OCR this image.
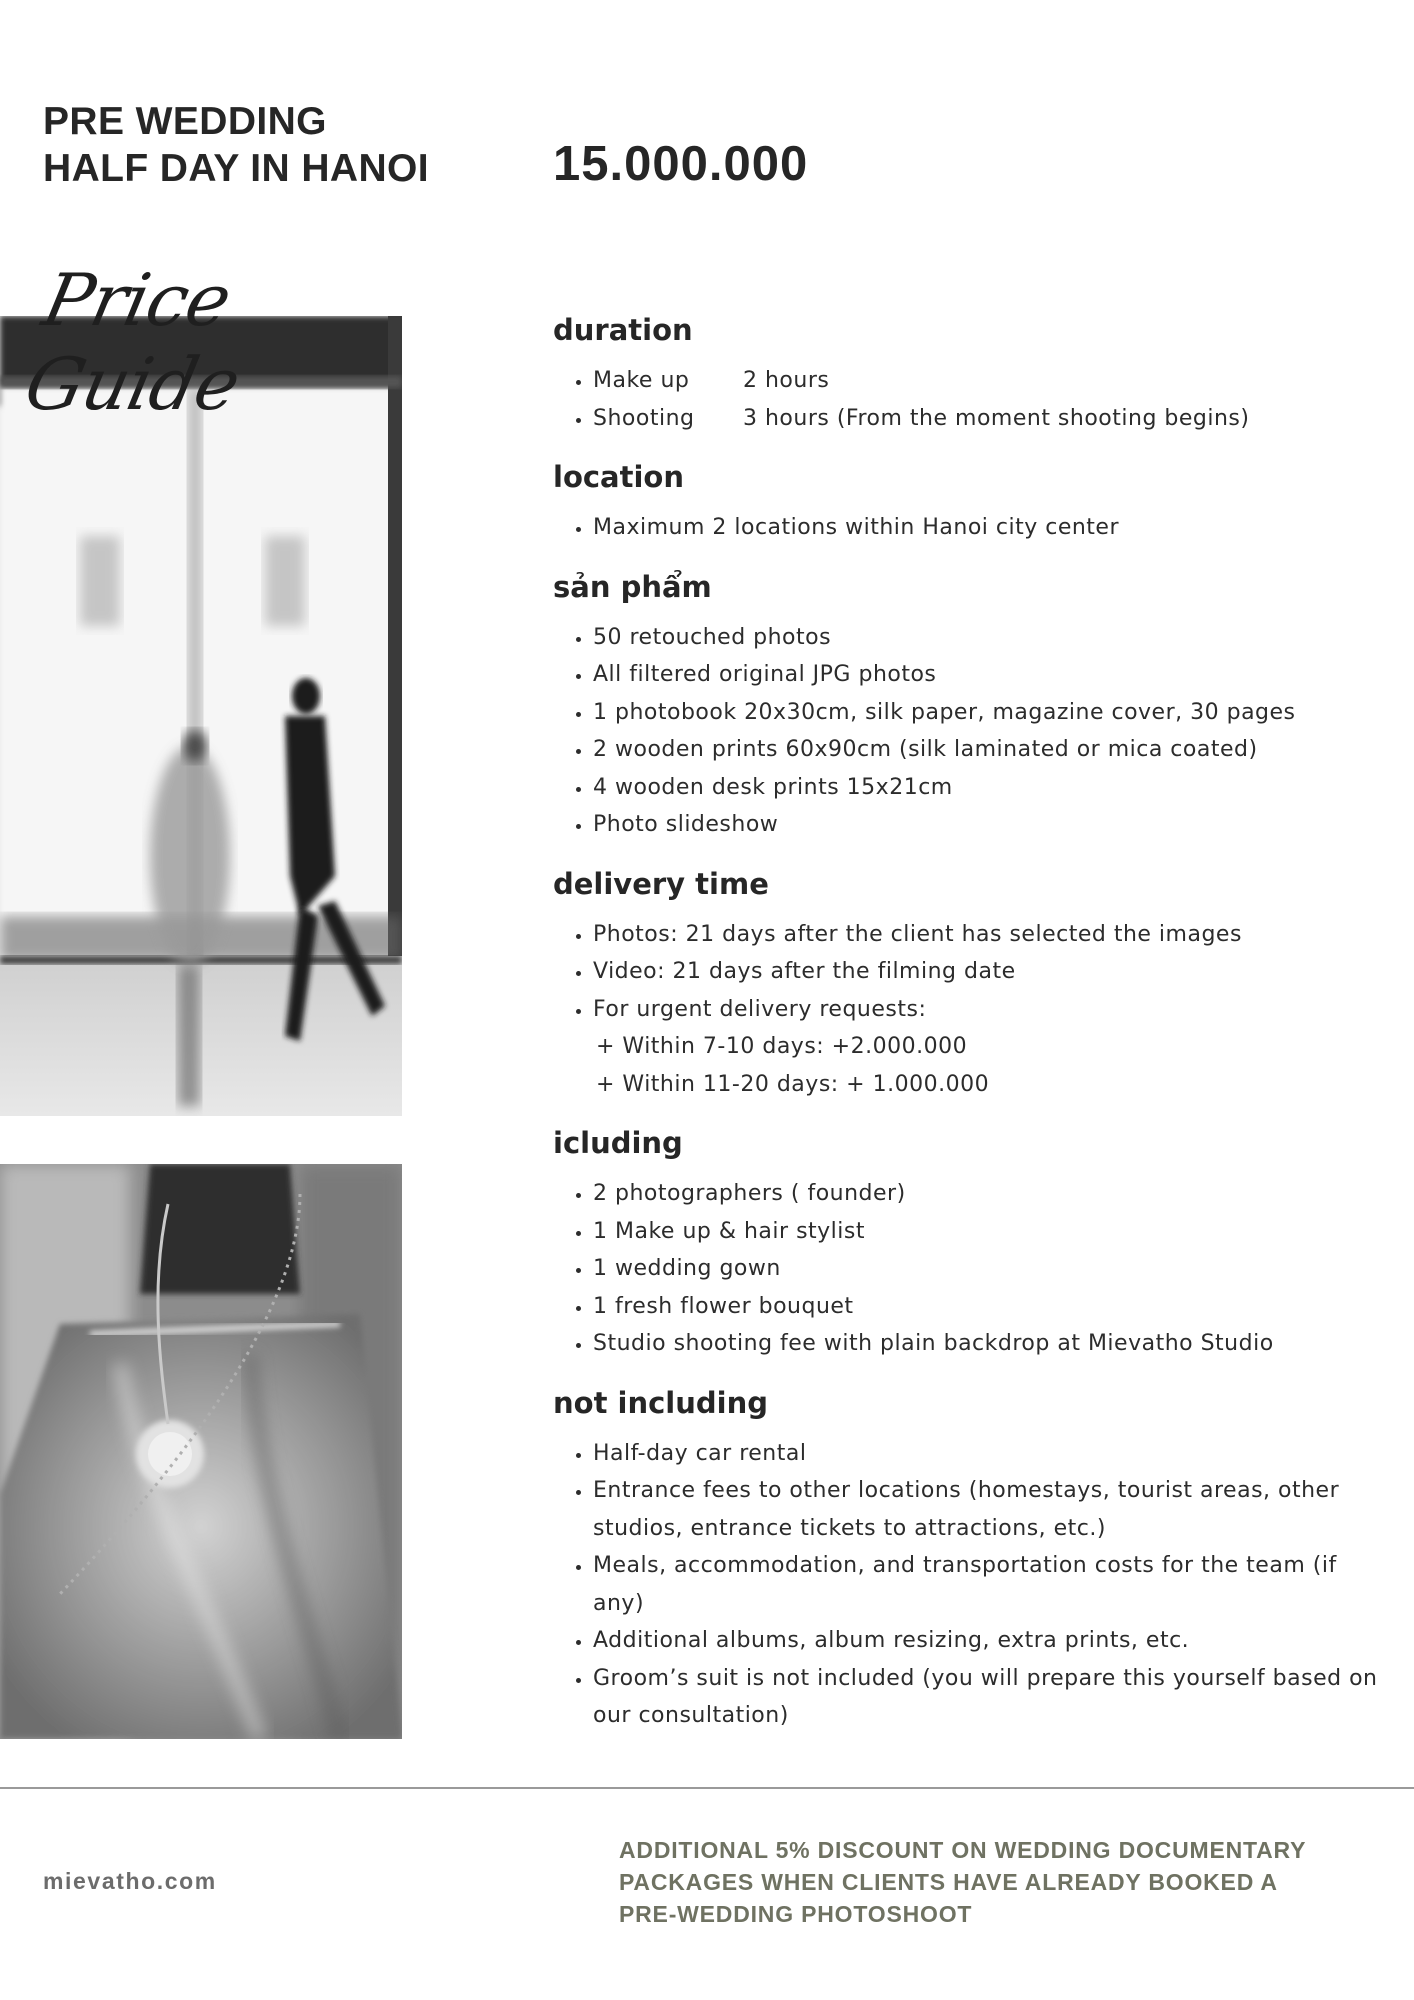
PRE WEDDING
HALF DAY IN HANOI	15.000.000
Price Guide
duration
• Make up 2 hours
• Shooting 3 hours (From the moment shooting begins)
location
• Maximum 2 locations within Hanoi city center
sản phẩm
• 50 retouched photos
• All filtered original JPG photos
• 1 photobook 20x30cm, silk paper, magazine cover, 30 pages
• 2 wooden prints 60x90cm (silk laminated or mica coated)
• 4 wooden desk prints 15x21cm
• Photo slideshow
delivery time
• Photos: 21 days after the client has selected the images
• Video: 21 days after the filming date
• For urgent delivery requests:
+ Within 7-10 days: +2.000.000
+ Within 11-20 days: + 1.000.000
icluding
• 2 photographers ( founder)
• 1 Make up & hair stylist
• 1 wedding gown
• 1 fresh flower bouquet
• Studio shooting fee with plain backdrop at Mievatho Studio
not including
• Half-day car rental
• Entrance fees to other locations (homestays, tourist areas, other studios, entrance tickets to attractions, etc.)
• Meals, accommodation, and transportation costs for the team (if any)
• Additional albums, album resizing, extra prints, etc.
• Groom’s suit is not included (you will prepare this yourself based on our consultation)
mievatho.com

ADDITIONAL 5% DISCOUNT ON WEDDING DOCUMENTARY
PACKAGES WHEN CLIENTS HAVE ALREADY BOOKED A
PRE-WEDDING PHOTOSHOOT
